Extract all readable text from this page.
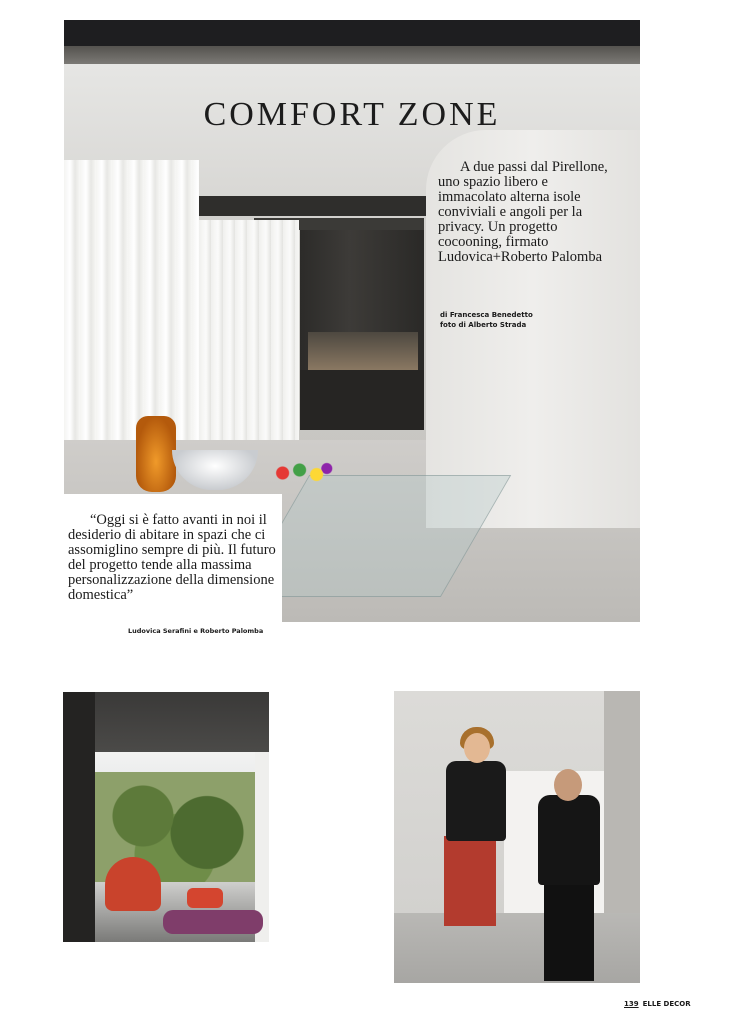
COMFORT ZONE

A due passi dal Pirellone, uno spazio libero e immacolato alterna isole conviviali e angoli per la privacy. Un progetto cocooning, firmato Ludovica+Roberto Palomba

di Francesca Benedetto
foto di Alberto Strada

“Oggi si è fatto avanti in noi il desiderio di abitare in spazi che ci assomiglino sempre di più. Il futuro del progetto tende alla massima personalizzazione della dimensione domestica”

Ludovica Serafini e Roberto Palomba
139 ELLE DECOR
